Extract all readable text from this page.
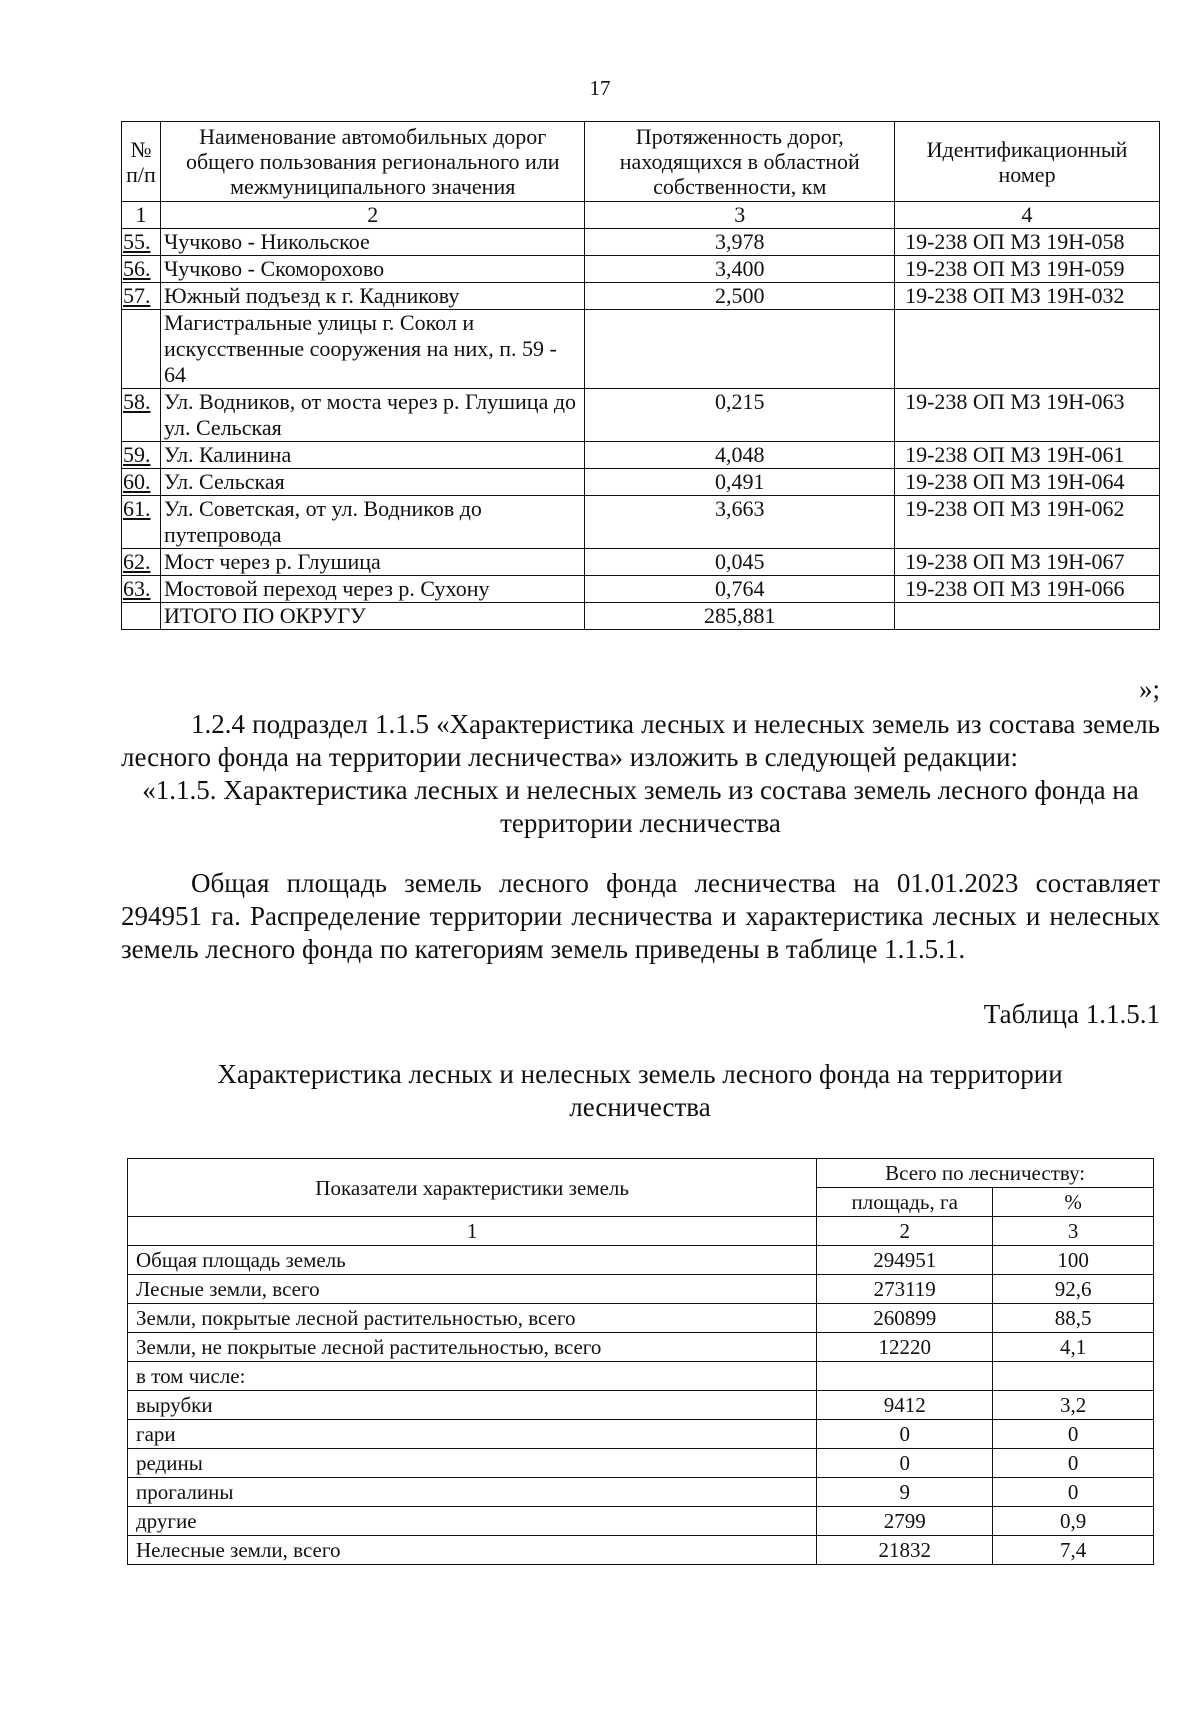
17
№ п/п	Наименование автомобильных дорог общего пользования регионального или межмуниципального значения	Протяженность дорог, находящихся в областной собственности, км	Идентификационный номер
1	2	3	4
55.	Чучково - Никольское	3,978	19-238 ОП МЗ 19Н-058
56.	Чучково - Скоморохово	3,400	19-238 ОП МЗ 19Н-059
57.	Южный подъезд к г. Кадникову	2,500	19-238 ОП МЗ 19Н-032
	Магистральные улицы г. Сокол и искусственные сооружения на них, п. 59 - 64		
58.	Ул. Водников, от моста через р. Глушица до ул. Сельская	0,215	19-238 ОП МЗ 19Н-063
59.	Ул. Калинина	4,048	19-238 ОП МЗ 19Н-061
60.	Ул. Сельская	0,491	19-238 ОП МЗ 19Н-064
61.	Ул. Советская, от ул. Водников до путепровода	3,663	19-238 ОП МЗ 19Н-062
62.	Мост через р. Глушица	0,045	19-238 ОП МЗ 19Н-067
63.	Мостовой переход через р. Сухону	0,764	19-238 ОП МЗ 19Н-066
	ИТОГО ПО ОКРУГУ	285,881	
»;
1.2.4 подраздел 1.1.5 «Характеристика лесных и нелесных земель из состава земель лесного фонда на территории лесничества» изложить в следующей редакции:
«1.1.5. Характеристика лесных и нелесных земель из состава земель лесного фонда на территории лесничества
Общая площадь земель лесного фонда лесничества на 01.01.2023 составляет 294951 га. Распределение территории лесничества и характеристика лесных и нелесных земель лесного фонда по категориям земель приведены в таблице 1.1.5.1.
Таблица 1.1.5.1
Характеристика лесных и нелесных земель лесного фонда на территории лесничества
Показатели характеристики земель	Всего по лесничеству:	
	площадь, га	%
1	2	3
Общая площадь земель	294951	100
Лесные земли, всего	273119	92,6
Земли, покрытые лесной растительностью, всего	260899	88,5
Земли, не покрытые лесной растительностью, всего	12220	4,1
в том числе:		
вырубки	9412	3,2
гари	0	0
редины	0	0
прогалины	9	0
другие	2799	0,9
Нелесные земли, всего	21832	7,4
